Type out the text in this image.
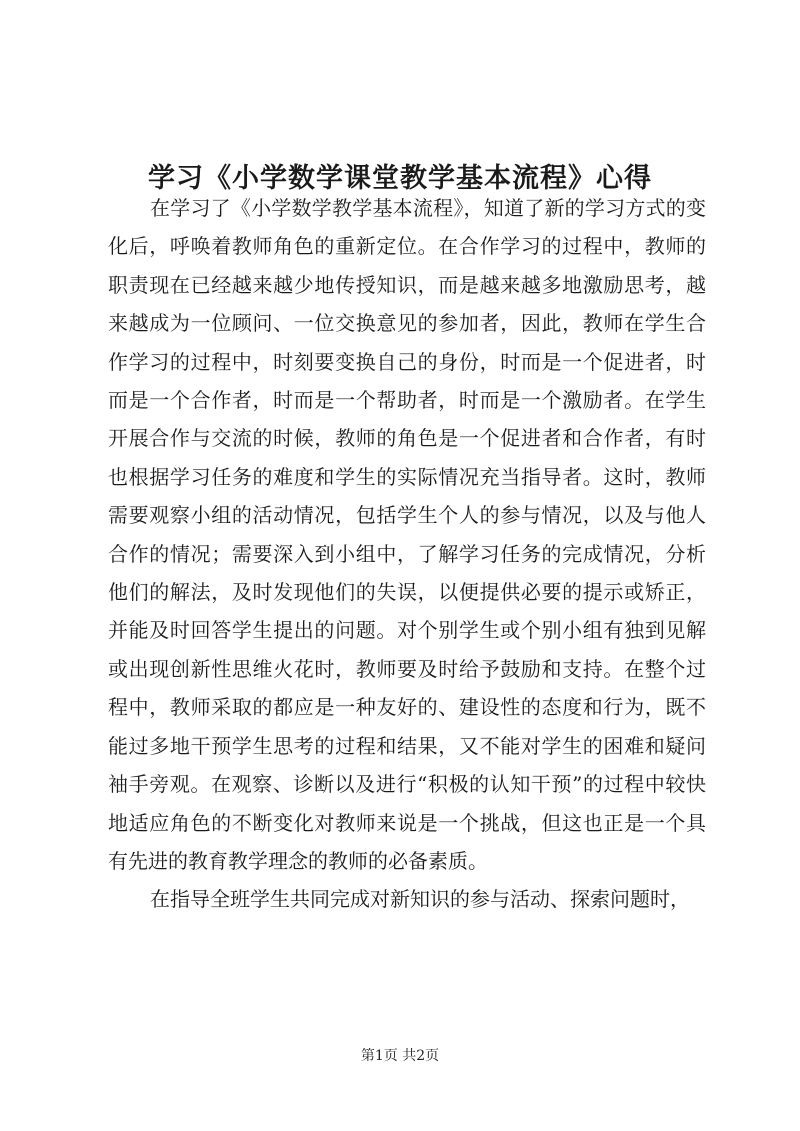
学习《小学数学课堂教学基本流程》心得

在学习了《小学数学教学基本流程》，知道了新的学习方式的变化后，呼唤着教师角色的重新定位。在合作学习的过程中，教师的职责现在已经越来越少地传授知识，而是越来越多地激励思考，越来越成为一位顾问、一位交换意见的参加者，因此，教师在学生合作学习的过程中，时刻要变换自己的身份，时而是一个促进者，时而是一个合作者，时而是一个帮助者，时而是一个激励者。在学生开展合作与交流的时候，教师的角色是一个促进者和合作者，有时也根据学习任务的难度和学生的实际情况充当指导者。这时，教师需要观察小组的活动情况，包括学生个人的参与情况，以及与他人合作的情况；需要深入到小组中，了解学习任务的完成情况，分析他们的解法，及时发现他们的失误，以便提供必要的提示或矫正，并能及时回答学生提出的问题。对个别学生或个别小组有独到见解或出现创新性思维火花时，教师要及时给予鼓励和支持。在整个过程中，教师采取的都应是一种友好的、建设性的态度和行为，既不能过多地干预学生思考的过程和结果，又不能对学生的困难和疑问袖手旁观。在观察、诊断以及进行“积极的认知干预”的过程中较快地适应角色的不断变化对教师来说是一个挑战，但这也正是一个具有先进的教育教学理念的教师的必备素质。

在指导全班学生共同完成对新知识的参与活动、探索问题时，

第1页 共2页
